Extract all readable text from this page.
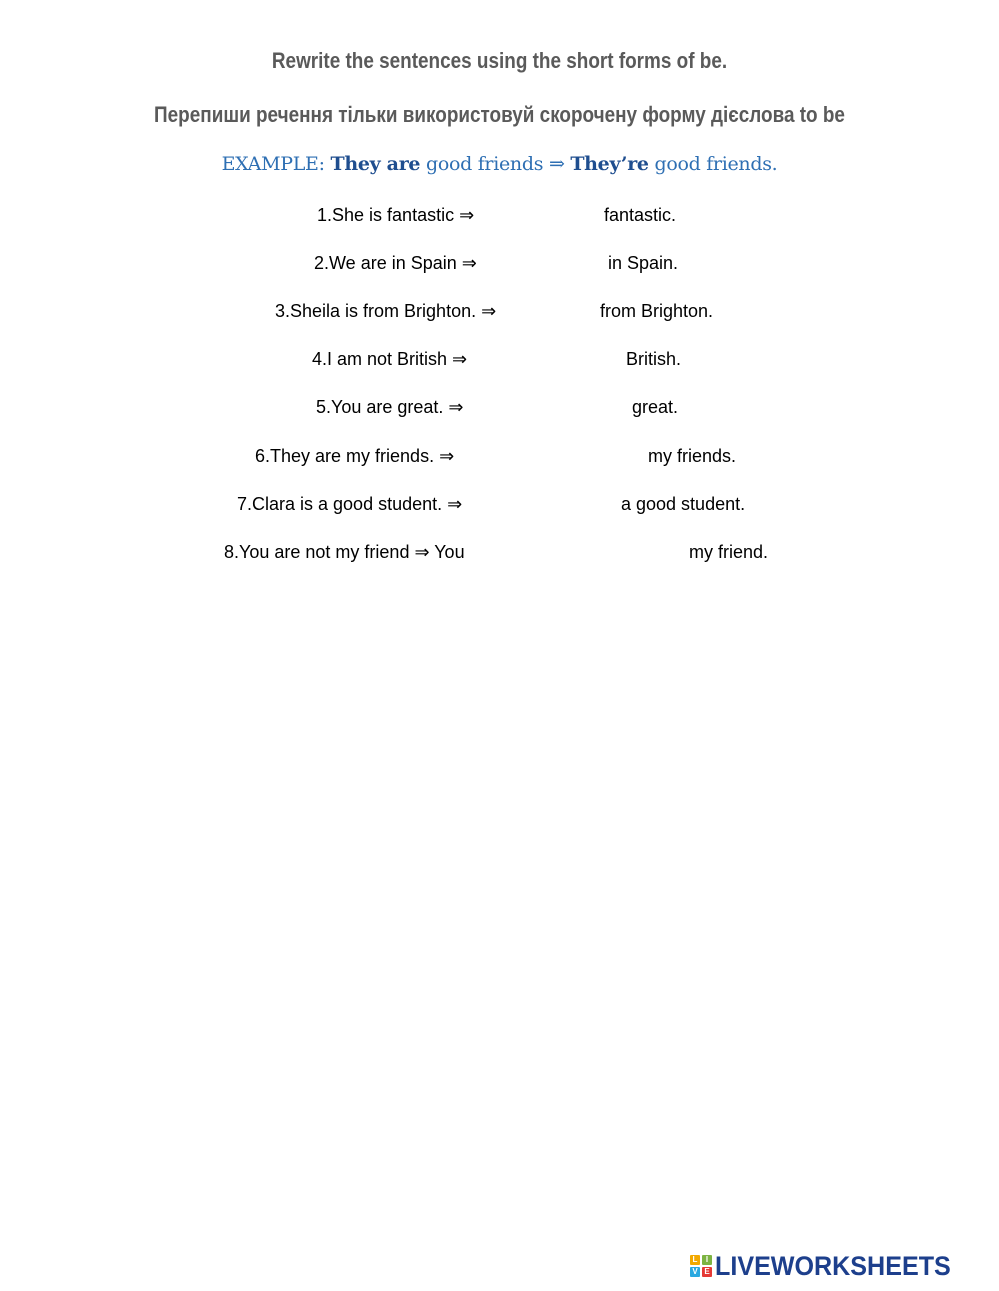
Rewrite the sentences using the short forms of be.
Перепиши речення тільки використовуй скорочену форму дієслова to be
EXAMPLE: They are good friends ⇒ They’re good friends.
1.She is fantastic ⇒	fantastic.
2.We are in Spain ⇒	in Spain.
3.Sheila is from Brighton. ⇒	from Brighton.
4.I am not British ⇒	British.
5.You are great. ⇒	great.
6.They are my friends. ⇒	my friends.
7.Clara is a good student. ⇒	a good student.
8.You are not my friend ⇒ You	my friend.
L	I
V E LIVEWORKSHEETS
